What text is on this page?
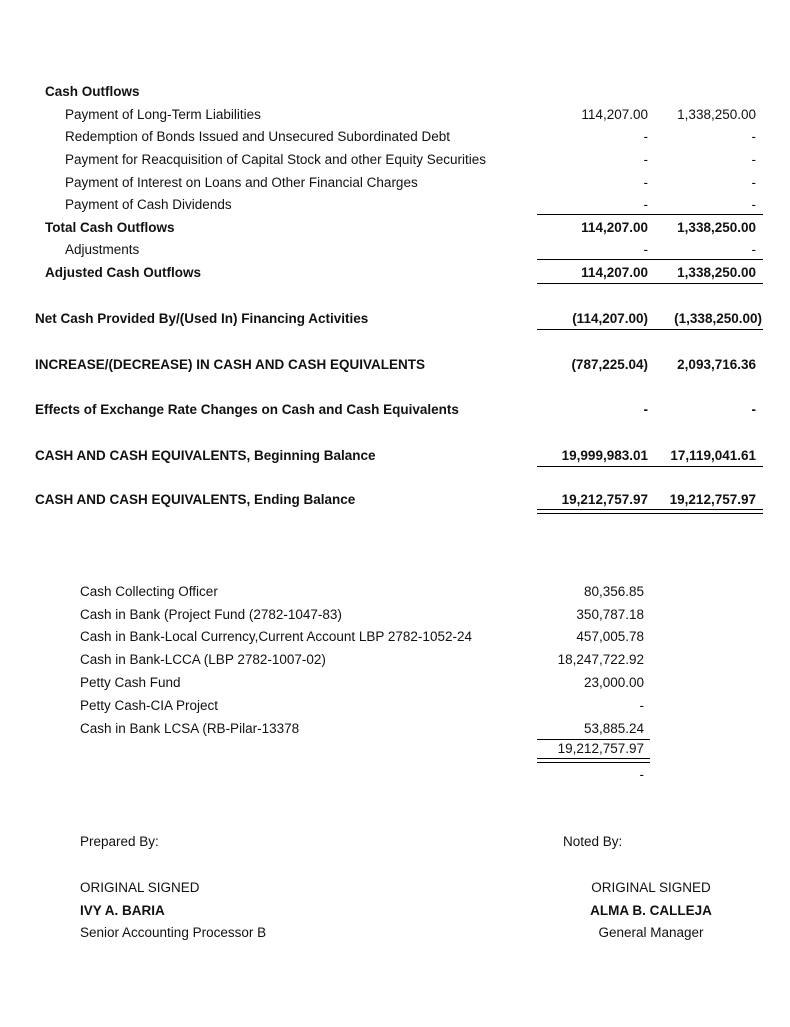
Cash Outflows
Payment of Long-Term Liabilities	114,207.00	1,338,250.00
Redemption of Bonds Issued and Unsecured Subordinated Debt	-	-
Payment for Reacquisition of Capital Stock and other Equity Securities	-	-
Payment of Interest on Loans and Other Financial Charges	-	-
Payment of Cash Dividends	-	-
Total Cash Outflows	114,207.00	1,338,250.00
Adjustments	-	-
Adjusted Cash Outflows	114,207.00	1,338,250.00
Net Cash Provided By/(Used In) Financing Activities	(114,207.00)	(1,338,250.00)
INCREASE/(DECREASE) IN CASH AND CASH EQUIVALENTS	(787,225.04)	2,093,716.36
Effects of Exchange Rate Changes on Cash and Cash Equivalents	-	-
CASH AND CASH EQUIVALENTS, Beginning Balance	19,999,983.01	17,119,041.61
CASH AND CASH EQUIVALENTS, Ending Balance	19,212,757.97	19,212,757.97
Cash Collecting Officer	80,356.85
Cash in Bank (Project Fund (2782-1047-83)	350,787.18
Cash in Bank-Local Currency,Current Account LBP 2782-1052-24	457,005.78
Cash in Bank-LCCA (LBP 2782-1007-02)	18,247,722.92
Petty Cash Fund	23,000.00
Petty Cash-CIA Project	-
Cash in Bank LCSA (RB-Pilar-13378	53,885.24
19,212,757.97
-
Prepared By:
ORIGINAL SIGNED
IVY A. BARIA
Senior Accounting Processor B
Noted By:
ORIGINAL SIGNED
ALMA B. CALLEJA
General Manager
